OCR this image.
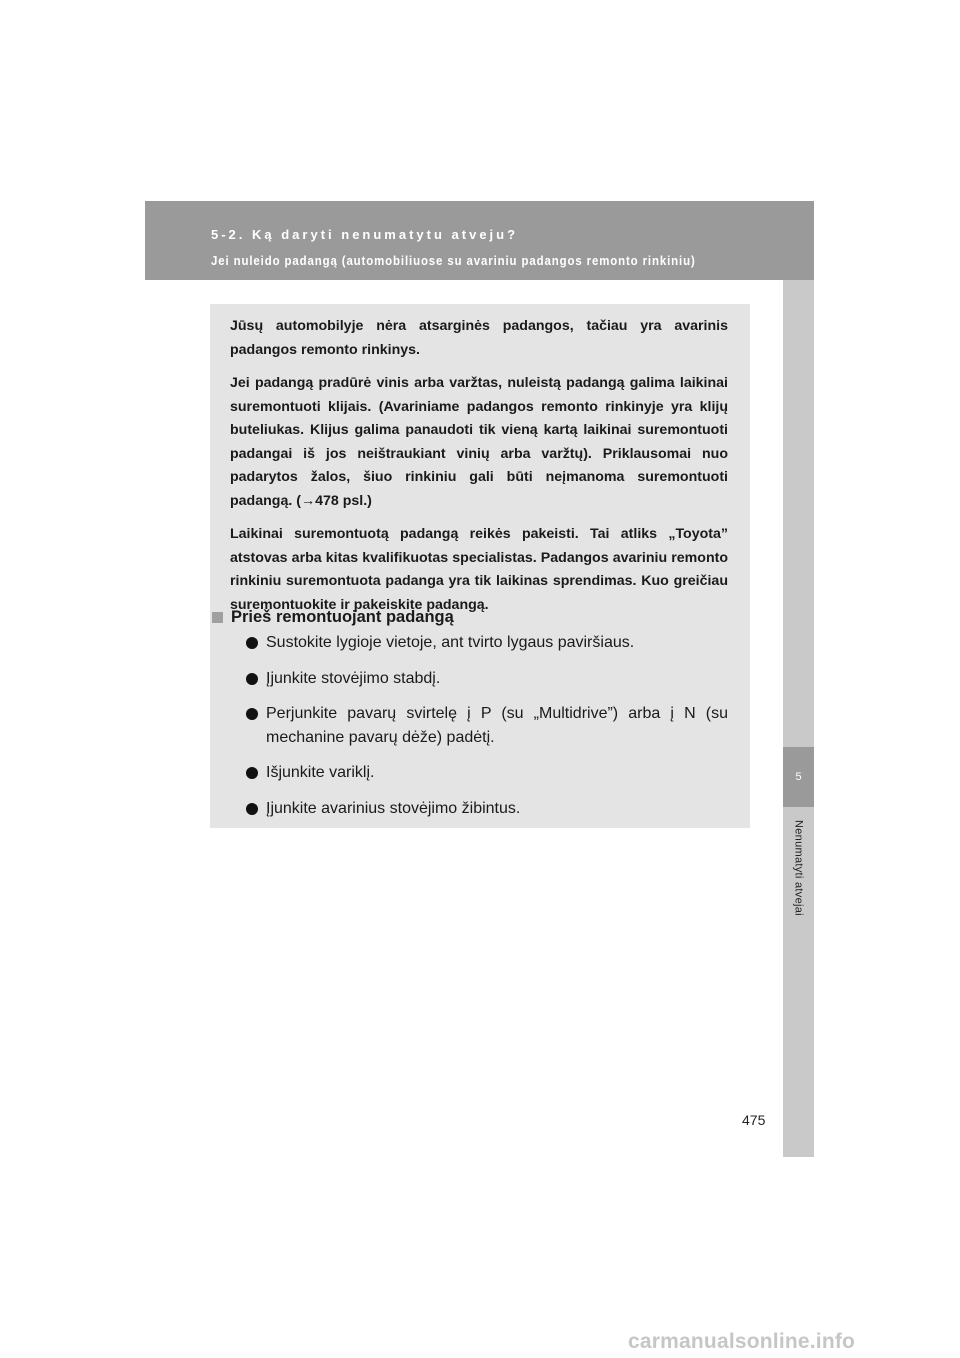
5-2. Ką daryti nenumatytu atveju?
Jei nuleido padangą (automobiliuose su avariniu padangos remonto rinkiniu)
5
Nenumatyti atvejai

Jūsų automobilyje nėra atsarginės padangos, tačiau yra avarinis padangos remonto rinkinys.

Jei padangą pradūrė vinis arba varžtas, nuleistą padangą galima laikinai suremontuoti klijais. (Avariniame padangos remonto rinkinyje yra klijų buteliukas. Klijus galima panaudoti tik vieną kartą laikinai suremontuoti padangai iš jos neištraukiant vinių arba varžtų). Priklausomai nuo padarytos žalos, šiuo rinkiniu gali būti neįmanoma suremontuoti padangą. (→478 psl.)

Laikinai suremontuotą padangą reikės pakeisti. Tai atliks „Toyota” atstovas arba kitas kvalifikuotas specialistas. Padangos avariniu remonto rinkiniu suremontuota padanga yra tik laikinas sprendimas. Kuo greičiau suremontuokite ir pakeiskite padangą.

Prieš remontuojant padangą
Sustokite lygioje vietoje, ant tvirto lygaus paviršiaus.
Įjunkite stovėjimo stabdį.
Perjunkite pavarų svirtelę į P (su „Multidrive”) arba į N (su mechanine pavarų dėže) padėtį.
Išjunkite variklį.
Įjunkite avarinius stovėjimo žibintus.
475
carmanualsonline.info
